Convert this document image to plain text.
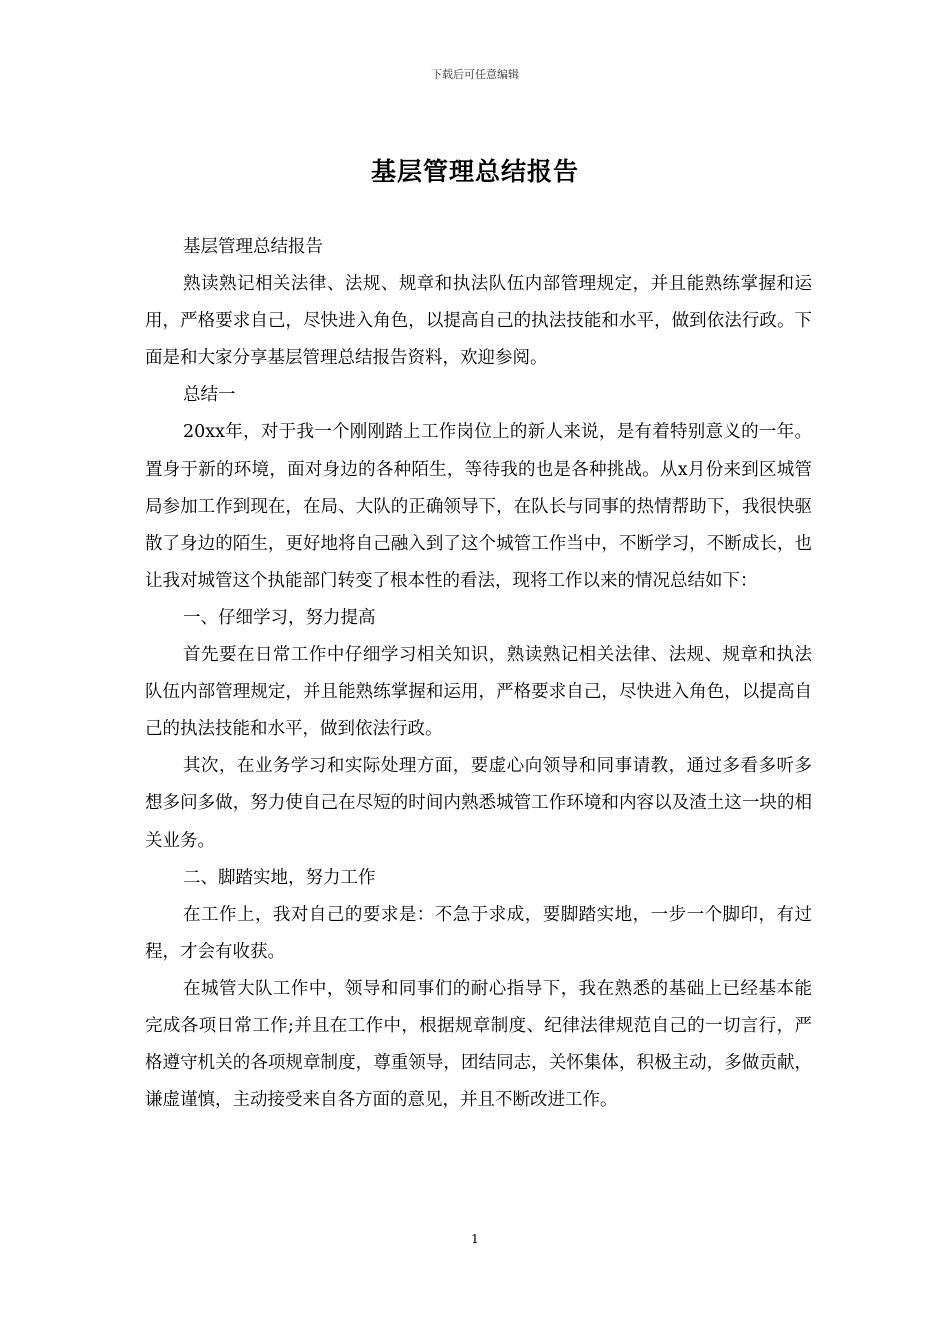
下载后可任意编辑
基层管理总结报告

基层管理总结报告

熟读熟记相关法律、法规、规章和执法队伍内部管理规定，并且能熟练掌握和运用，严格要求自己，尽快进入角色，以提高自己的执法技能和水平，做到依法行政。下面是和大家分享基层管理总结报告资料，欢迎参阅。

总结一

20xx年，对于我一个刚刚踏上工作岗位上的新人来说，是有着特别意义的一年。置身于新的环境，面对身边的各种陌生，等待我的也是各种挑战。从x月份来到区城管局参加工作到现在，在局、大队的正确领导下，在队长与同事的热情帮助下，我很快驱散了身边的陌生，更好地将自己融入到了这个城管工作当中，不断学习，不断成长，也让我对城管这个执能部门转变了根本性的看法，现将工作以来的情况总结如下：

一、仔细学习，努力提高

首先要在日常工作中仔细学习相关知识，熟读熟记相关法律、法规、规章和执法队伍内部管理规定，并且能熟练掌握和运用，严格要求自己，尽快进入角色，以提高自己的执法技能和水平，做到依法行政。

其次，在业务学习和实际处理方面，要虚心向领导和同事请教，通过多看多听多想多问多做，努力使自己在尽短的时间内熟悉城管工作环境和内容以及渣土这一块的相关业务。

二、脚踏实地，努力工作

在工作上，我对自己的要求是：不急于求成，要脚踏实地，一步一个脚印，有过程，才会有收获。

在城管大队工作中，领导和同事们的耐心指导下，我在熟悉的基础上已经基本能完成各项日常工作;并且在工作中，根据规章制度、纪律法律规范自己的一切言行，严格遵守机关的各项规章制度，尊重领导，团结同志，关怀集体，积极主动，多做贡献，谦虚谨慎，主动接受来自各方面的意见，并且不断改进工作。

1
